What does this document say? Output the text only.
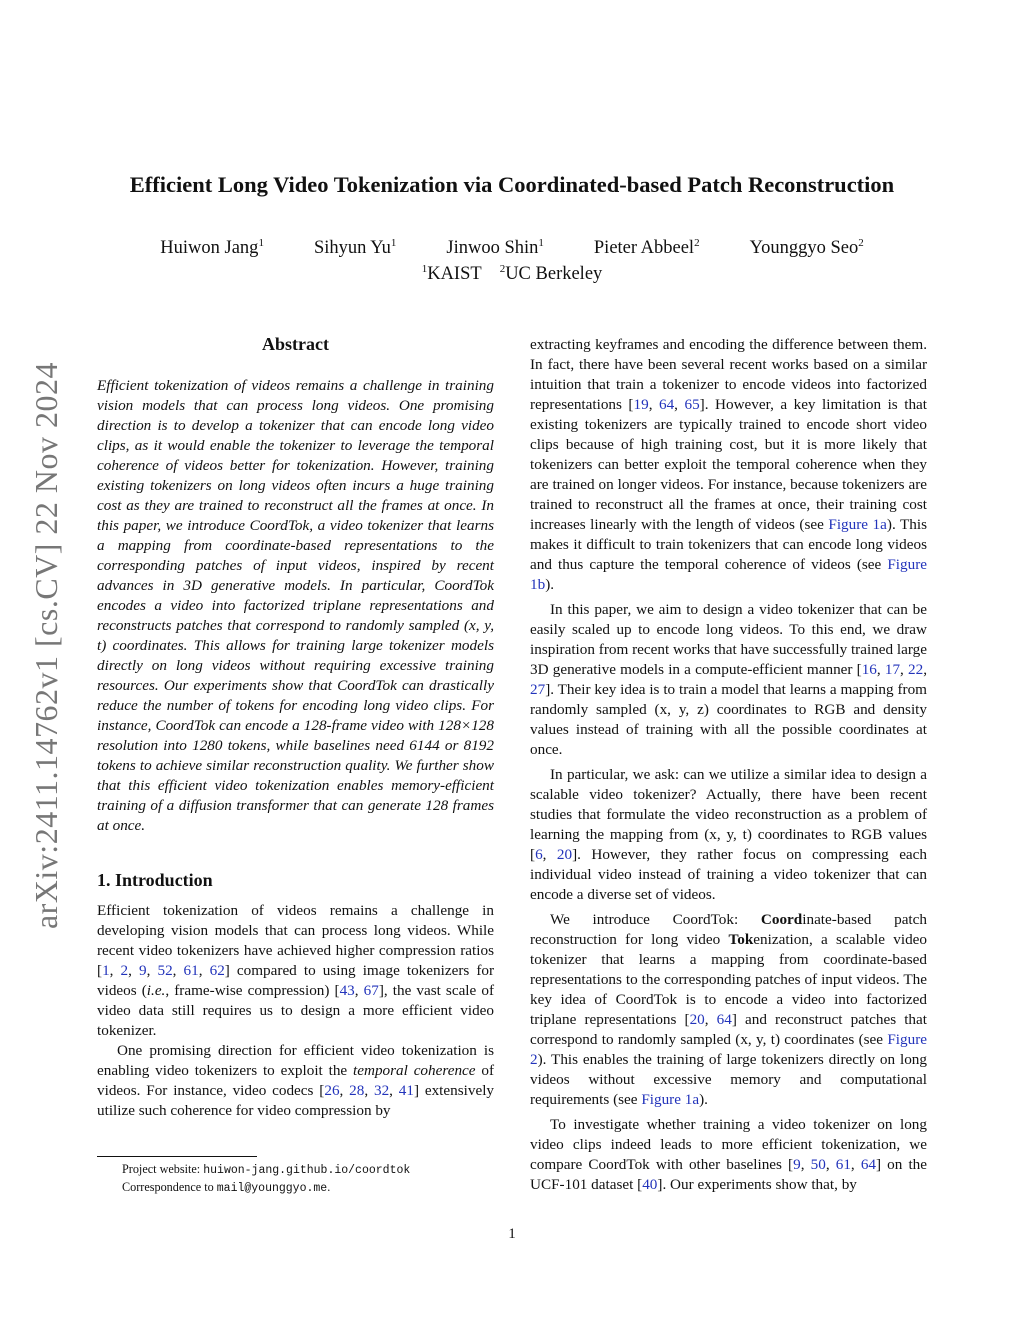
arXiv:2411.14762v1 [cs.CV] 22 Nov 2024
Efficient Long Video Tokenization via Coordinated-based Patch Reconstruction
Huiwon Jang$^1$	Sihyun Yu$^1$	Jinwoo Shin$^1$	Pieter Abbeel$^2$	Younggyo Seo$^2$
$^1$KAIST $^2$UC Berkeley
Abstract

Efficient tokenization of videos remains a challenge in training vision models that can process long videos. One promising direction is to develop a tokenizer that can encode long video clips, as it would enable the tokenizer to leverage the temporal coherence of videos better for tokenization. However, training existing tokenizers on long videos often incurs a huge training cost as they are trained to reconstruct all the frames at once. In this paper, we introduce CoordTok, a video tokenizer that learns a mapping from coordinate-based representations to the corresponding patches of input videos, inspired by recent advances in 3D generative models. In particular, CoordTok encodes a video into factorized triplane representations and reconstructs patches that correspond to randomly sampled (x, y, t) coordinates. This allows for training large tokenizer models directly on long videos without requiring excessive training resources. Our experiments show that CoordTok can drastically reduce the number of tokens for encoding long video clips. For instance, CoordTok can encode a 128-frame video with 128×128 resolution into 1280 tokens, while baselines need 6144 or 8192 tokens to achieve similar reconstruction quality. We further show that this efficient video tokenization enables memory-efficient training of a diffusion transformer that can generate 128 frames at once.

1. Introduction

Efficient tokenization of videos remains a challenge in developing vision models that can process long videos. While recent video tokenizers have achieved higher compression ratios [1, 2, 9, 52, 61, 62] compared to using image tokenizers for videos (i.e., frame-wise compression) [43, 67], the vast scale of video data still requires us to design a more efficient video tokenizer.

One promising direction for efficient video tokenization is enabling video tokenizers to exploit the temporal coherence of videos. For instance, video codecs [26, 28, 32, 41] extensively utilize such coherence for video compression by

extracting keyframes and encoding the difference between them. In fact, there have been several recent works based on a similar intuition that train a tokenizer to encode videos into factorized representations [19, 64, 65]. However, a key limitation is that existing tokenizers are typically trained to encode short video clips because of high training cost, but it is more likely that tokenizers can better exploit the temporal coherence when they are trained on longer videos. For instance, because tokenizers are trained to reconstruct all the frames at once, their training cost increases linearly with the length of videos (see Figure 1a). This makes it difficult to train tokenizers that can encode long videos and thus capture the temporal coherence of videos (see Figure 1b).

In this paper, we aim to design a video tokenizer that can be easily scaled up to encode long videos. To this end, we draw inspiration from recent works that have successfully trained large 3D generative models in a compute-efficient manner [16, 17, 22, 27]. Their key idea is to train a model that learns a mapping from randomly sampled (x, y, z) coordinates to RGB and density values instead of training with all the possible coordinates at once.

In particular, we ask: can we utilize a similar idea to design a scalable video tokenizer? Actually, there have been recent studies that formulate the video reconstruction as a problem of learning the mapping from (x, y, t) coordinates to RGB values [6, 20]. However, they rather focus on compressing each individual video instead of training a video tokenizer that can encode a diverse set of videos.

We introduce CoordTok: Coordinate-based patch reconstruction for long video Tokenization, a scalable video tokenizer that learns a mapping from coordinate-based representations to the corresponding patches of input videos. The key idea of CoordTok is to encode a video into factorized triplane representations [20, 64] and reconstruct patches that correspond to randomly sampled (x, y, t) coordinates (see Figure 2). This enables the training of large tokenizers directly on long videos without excessive memory and computational requirements (see Figure 1a).

To investigate whether training a video tokenizer on long video clips indeed leads to more efficient tokenization, we compare CoordTok with other baselines [9, 50, 61, 64] on the UCF-101 dataset [40]. Our experiments show that, by

Project website: huiwon-jang.github.io/coordtok
Correspondence to mail@younggyo.me.
1
